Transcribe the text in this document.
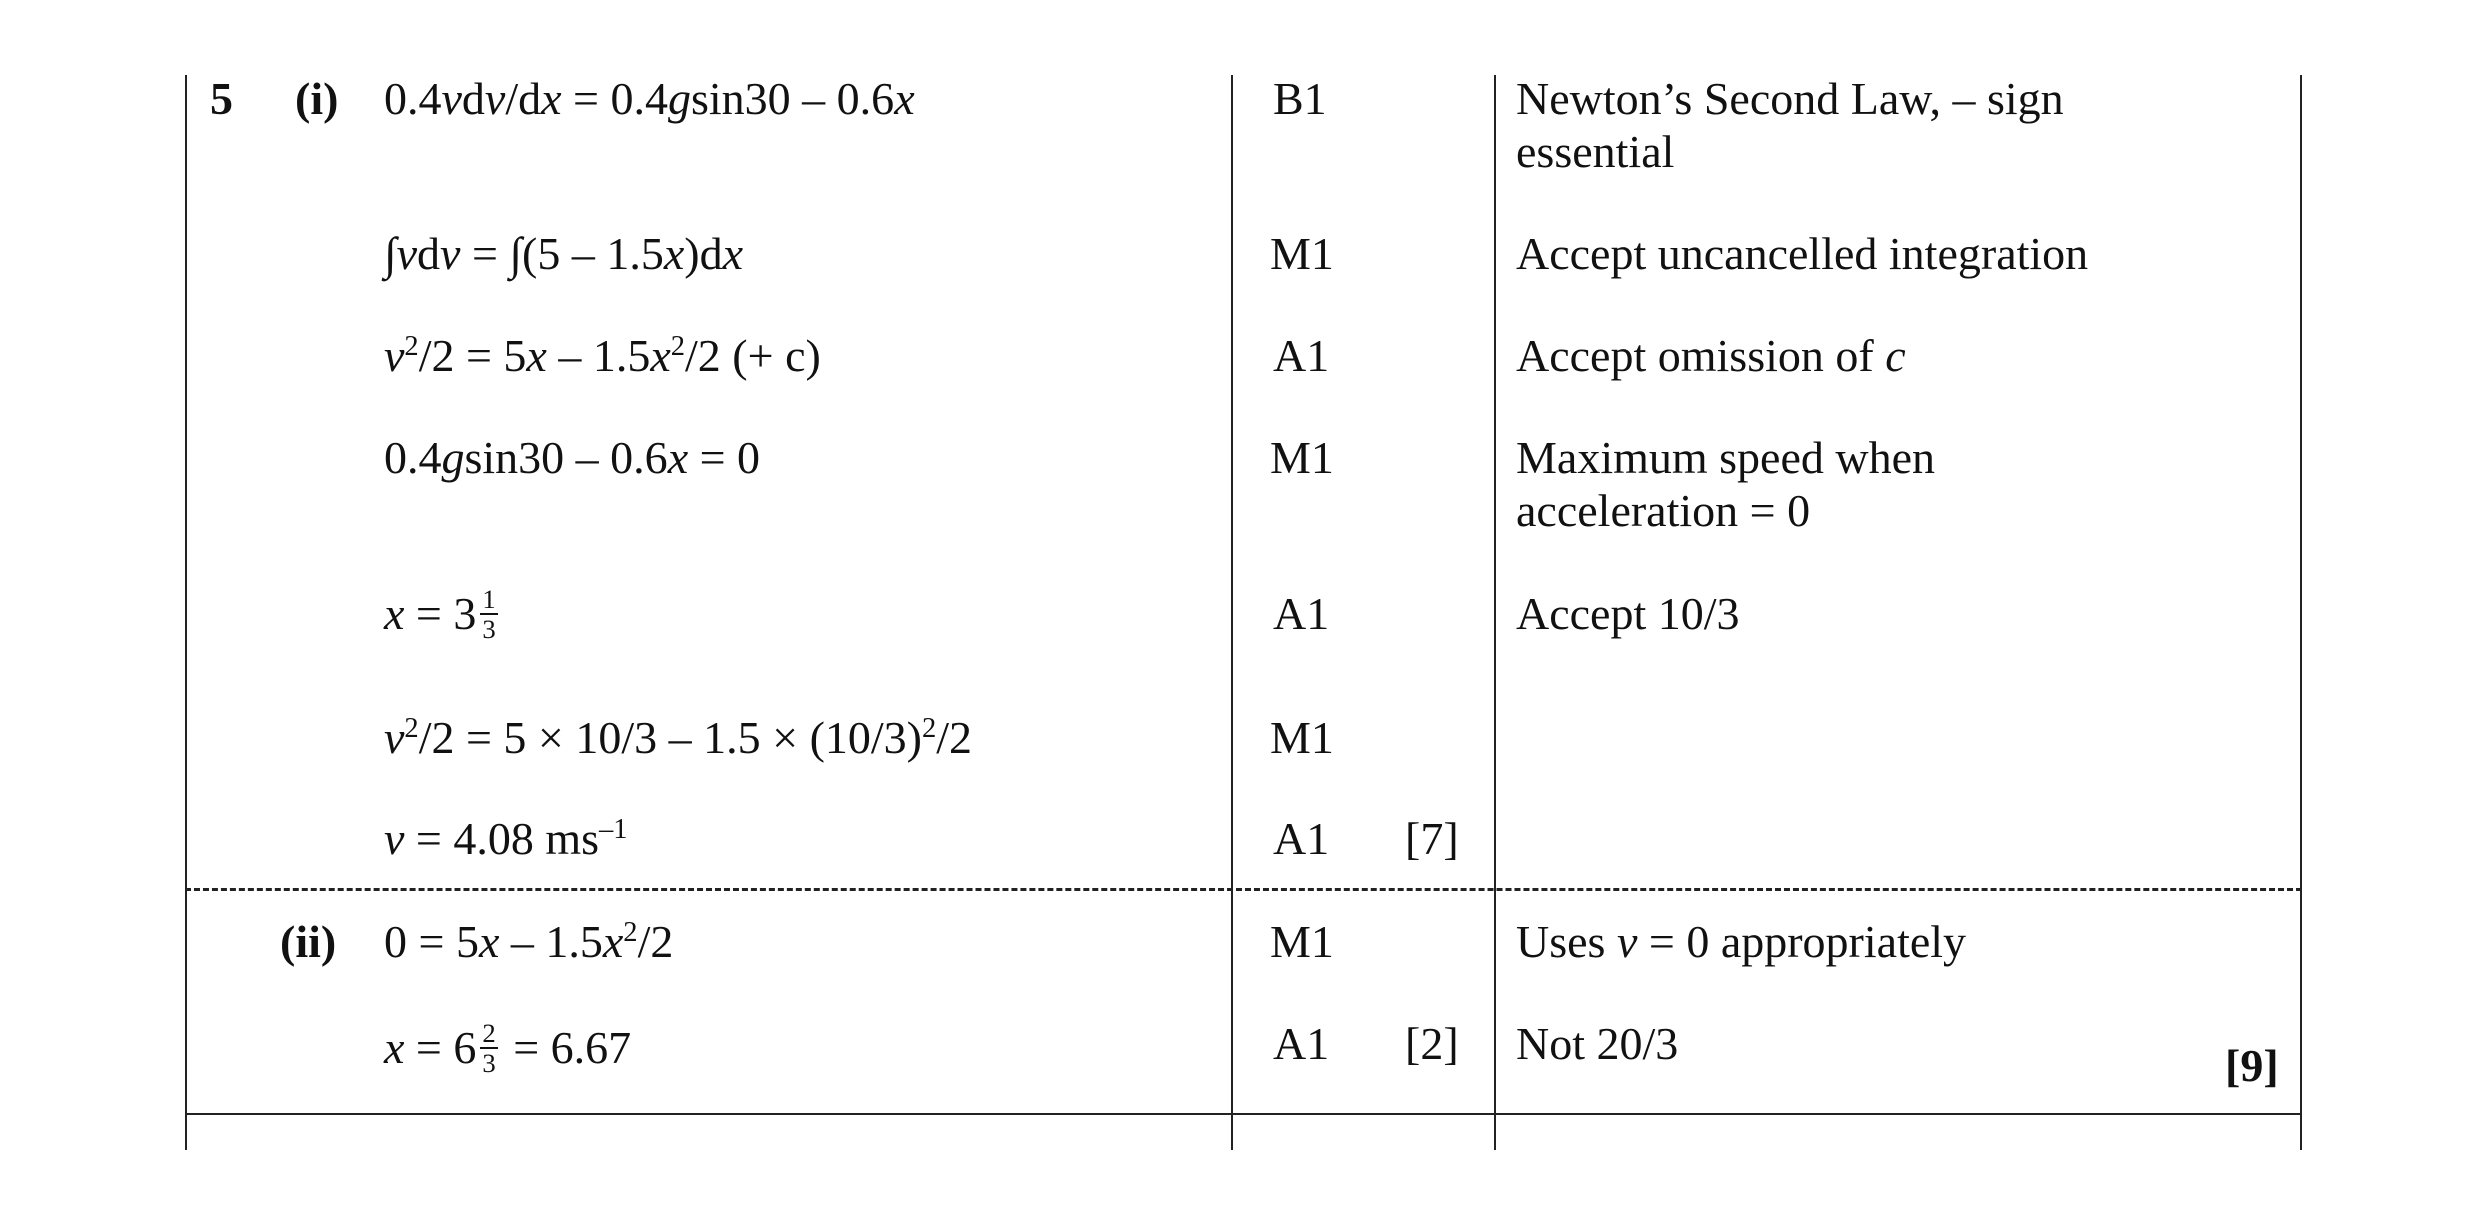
5 (i)
(ii)
0.4vdv/dx = 0.4gsin30 – 0.6x
∫vdv = ∫(5 – 1.5x)dx
$v^2/2 = 5x - 1.5x^2/2$ (+ c)
0.4gsin30 – 0.6x = 0
$x = 3 \frac{1}{3}$
$v^2/2 = 5 \times 10/3 - 1.5 \times (10/3)^2/2$
v = 4.08 $ms^{-1}$
$0 = 5x - 1.5x^2/2$
$x = 6 \frac{2}{3} = 6.67$
B1
M1
A1
M1
A1
M1
A1 [7]
M1
A1 [2]
Newton’s Second Law, – sign essential
Accept uncancelled integration
Accept omission of c
Maximum speed when acceleration = 0
Accept 10/3
Uses v = 0 appropriately
Not 20/3	[9]
